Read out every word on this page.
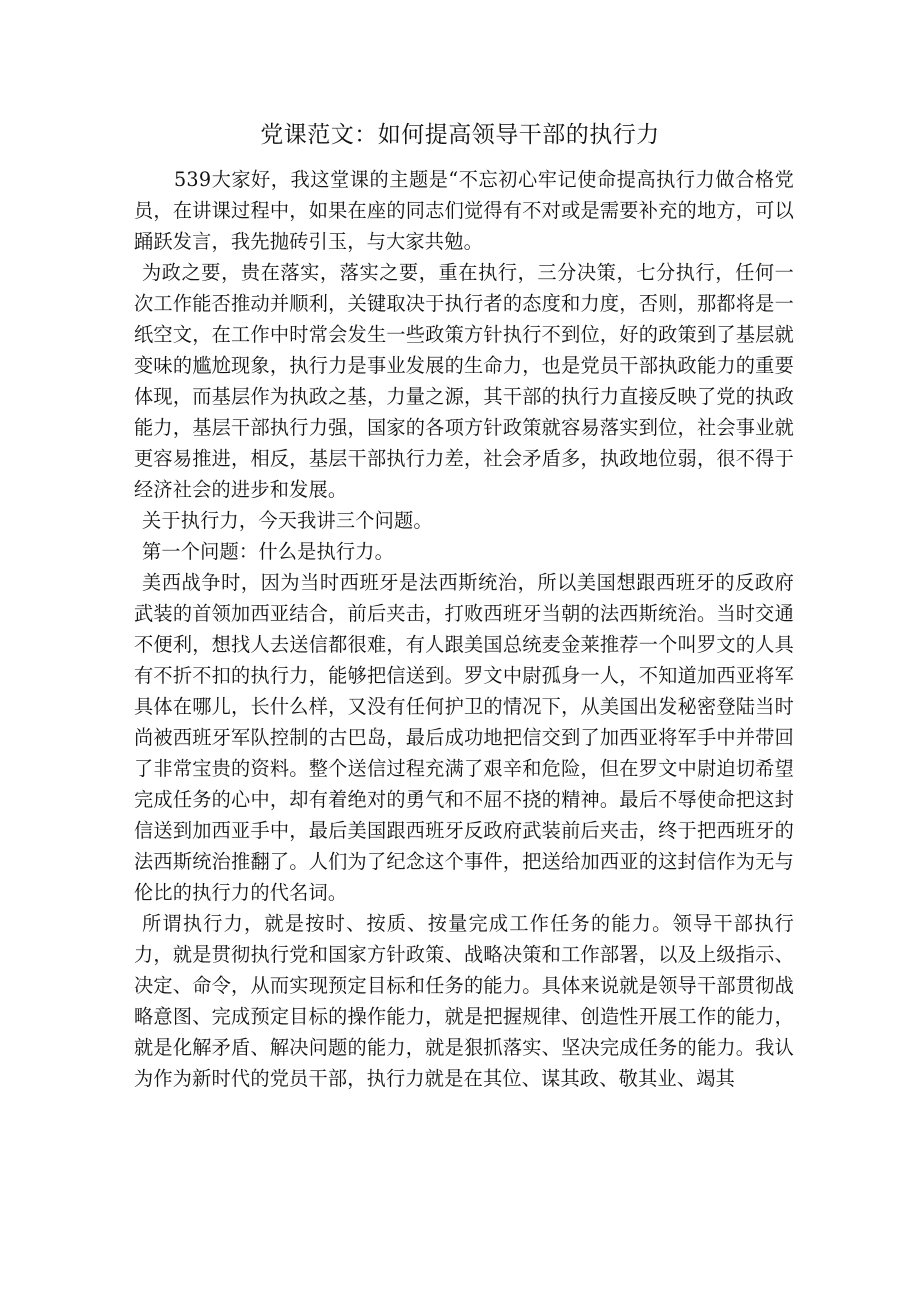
党课范文：如何提高领导干部的执行力

539大家好，我这堂课的主题是“不忘初心牢记使命提高执行力做合格党员，在讲课过程中，如果在座的同志们觉得有不对或是需要补充的地方，可以踊跃发言，我先抛砖引玉，与大家共勉。

为政之要，贵在落实，落实之要，重在执行，三分决策，七分执行，任何一次工作能否推动并顺利，关键取决于执行者的态度和力度，否则，那都将是一纸空文，在工作中时常会发生一些政策方针执行不到位，好的政策到了基层就变味的尴尬现象，执行力是事业发展的生命力，也是党员干部执政能力的重要体现，而基层作为执政之基，力量之源，其干部的执行力直接反映了党的执政能力，基层干部执行力强，国家的各项方针政策就容易落实到位，社会事业就更容易推进，相反，基层干部执行力差，社会矛盾多，执政地位弱，很不得于经济社会的进步和发展。

关于执行力，今天我讲三个问题。

第一个问题：什么是执行力。

美西战争时，因为当时西班牙是法西斯统治，所以美国想跟西班牙的反政府武装的首领加西亚结合，前后夹击，打败西班牙当朝的法西斯统治。当时交通不便利，想找人去送信都很难，有人跟美国总统麦金莱推荐一个叫罗文的人具有不折不扣的执行力，能够把信送到。罗文中尉孤身一人，不知道加西亚将军具体在哪儿，长什么样，又没有任何护卫的情况下，从美国出发秘密登陆当时尚被西班牙军队控制的古巴岛，最后成功地把信交到了加西亚将军手中并带回了非常宝贵的资料。整个送信过程充满了艰辛和危险，但在罗文中尉迫切希望完成任务的心中，却有着绝对的勇气和不屈不挠的精神。最后不辱使命把这封信送到加西亚手中，最后美国跟西班牙反政府武装前后夹击，终于把西班牙的法西斯统治推翻了。人们为了纪念这个事件，把送给加西亚的这封信作为无与伦比的执行力的代名词。

所谓执行力，就是按时、按质、按量完成工作任务的能力。领导干部执行力，就是贯彻执行党和国家方针政策、战略决策和工作部署，以及上级指示、决定、命令，从而实现预定目标和任务的能力。具体来说就是领导干部贯彻战略意图、完成预定目标的操作能力，就是把握规律、创造性开展工作的能力，就是化解矛盾、解决问题的能力，就是狠抓落实、坚决完成任务的能力。我认为作为新时代的党员干部，执行力就是在其位、谋其政、敬其业、竭其
